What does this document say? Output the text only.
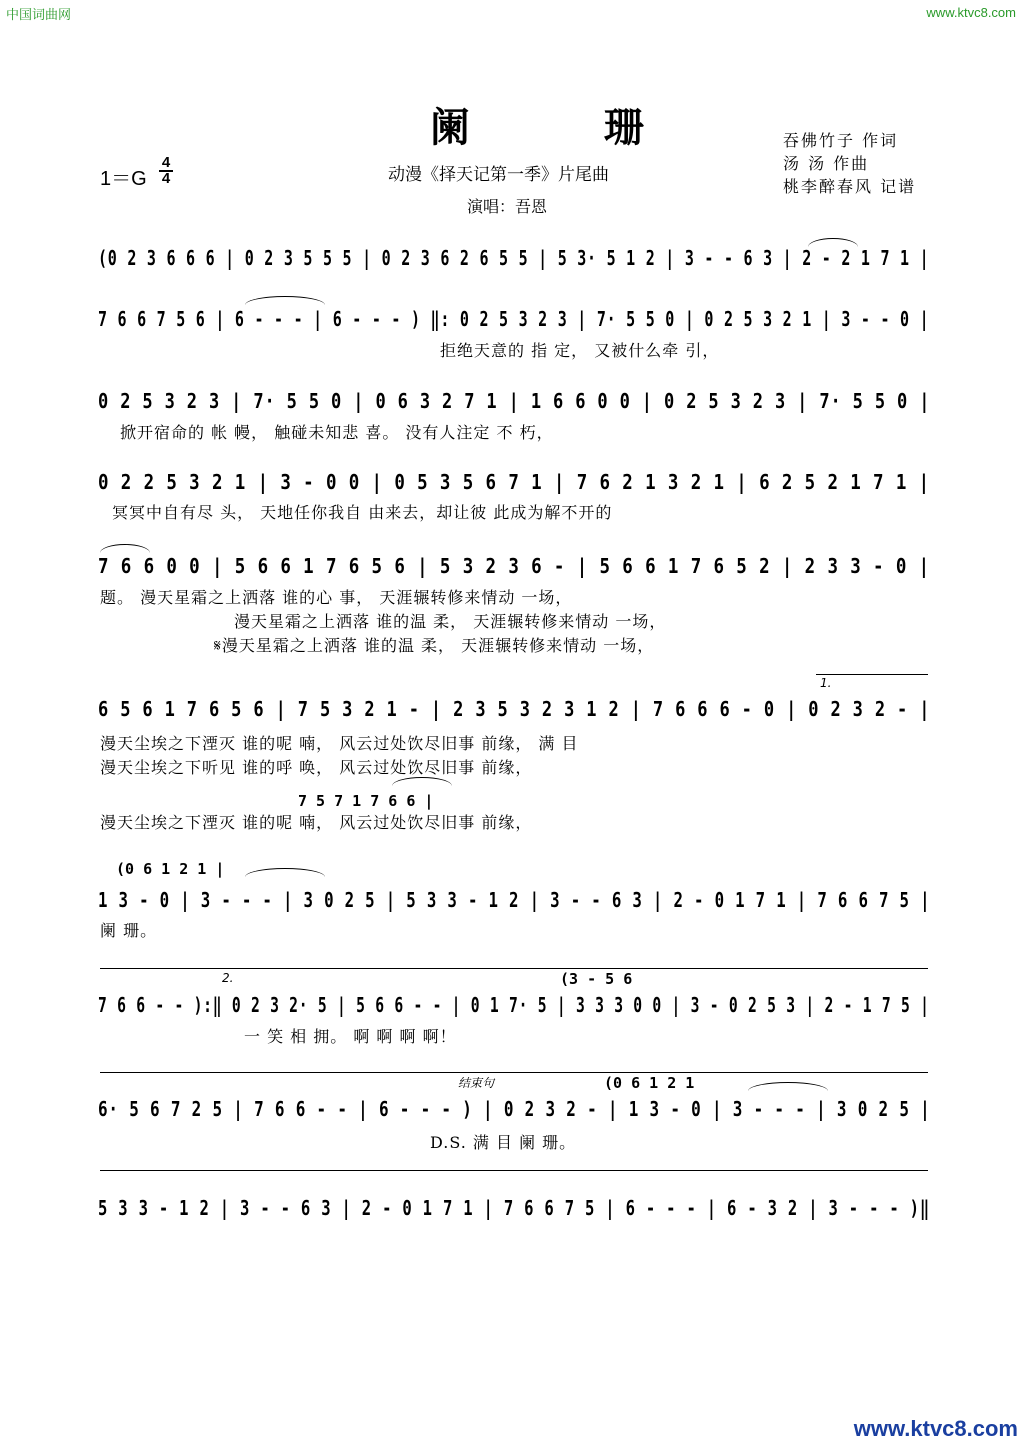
中国词曲网	www.ktvc8.com
阑 珊
动漫《择天记第一季》片尾曲
演唱：吾恩
吞佛竹子 作词
汤 汤 作曲
桃李醉春风 记谱
1＝G
4
4
(0 2 3 6 6 6 | 0 2 3 5 5 5 | 0 2 3 6 2 6 5 5 | 5 3· 5 1 2 | 3 - - 6 3 | 2 - 2 1 7 1 |
7 6 6 7 5 6 | 6 - - - | 6 - - - ) ‖: 0 2 5 3 2 3 | 7· 5 5 0 | 0 2 5 3 2 1 | 3 - - 0 |
拒绝天意的 指 定， 又被什么牵 引，
0 2 5 3 2 3 | 7· 5 5 0 | 0 6 3 2 7 1 | 1 6 6 0 0 | 0 2 5 3 2 3 | 7· 5 5 0 |
掀开宿命的 帐 幔， 触碰未知悲 喜。 没有人注定 不 朽，
0 2 2 5 3 2 1 | 3 - 0 0 | 0 5 3 5 6 7 1 | 7 6 2 1 3 2 1 | 6 2 5 2 1 7 1 |
冥冥中自有尽 头， 天地任你我自 由来去，却让彼 此成为解不开的
7 6 6 0 0 | 5 6 6 1 7 6 5 6 | 5 3 2 3 6 - | 5 6 6 1 7 6 5 2 | 2 3 3 - 0 |
题。 漫天星霜之上洒落 谁的心 事， 天涯辗转修来情动 一场，
漫天星霜之上洒落 谁的温 柔， 天涯辗转修来情动 一场，
𝄋漫天星霜之上洒落 谁的温 柔， 天涯辗转修来情动 一场，
1.
6 5 6 1 7 6 5 6 | 7 5 3 2 1 - | 2 3 5 3 2 3 1 2 | 7 6 6 6 - 0 | 0 2 3 2 - |
漫天尘埃之下湮灭 谁的呢 喃， 风云过处饮尽旧事 前缘， 满 目
漫天尘埃之下听见 谁的呼 唤， 风云过处饮尽旧事 前缘，
7 5 7 1 7 6 6 |
漫天尘埃之下湮灭 谁的呢 喃， 风云过处饮尽旧事 前缘，
(0 6 1 2 1 |
1 3 - 0 | 3 - - - | 3 0 2 5 | 5 3 3 - 1 2 | 3 - - 6 3 | 2 - 0 1 7 1 | 7 6 6 7 5 |
阑 珊。
2.	(3 - 5 6
7 6 6 - - ):‖ 0 2 3 2· 5 | 5 6 6 - - | 0 1 7· 5 | 3 3 3 0 0 | 3 - 0 2 5 3 | 2 - 1 7 5 |
一 笑 相 拥。 啊 啊 啊 啊！
结束句	(0 6 1 2 1
6· 5 6 7 2 5 | 7 6 6 - - | 6 - - - ) | 0 2 3 2 - | 1 3 - 0 | 3 - - - | 3 0 2 5 |
D.S. 满 目 阑 珊。
5 3 3 - 1 2 | 3 - - 6 3 | 2 - 0 1 7 1 | 7 6 6 7 5 | 6 - - - | 6 - 3 2 | 3 - - - )‖
www.ktvc8.com
